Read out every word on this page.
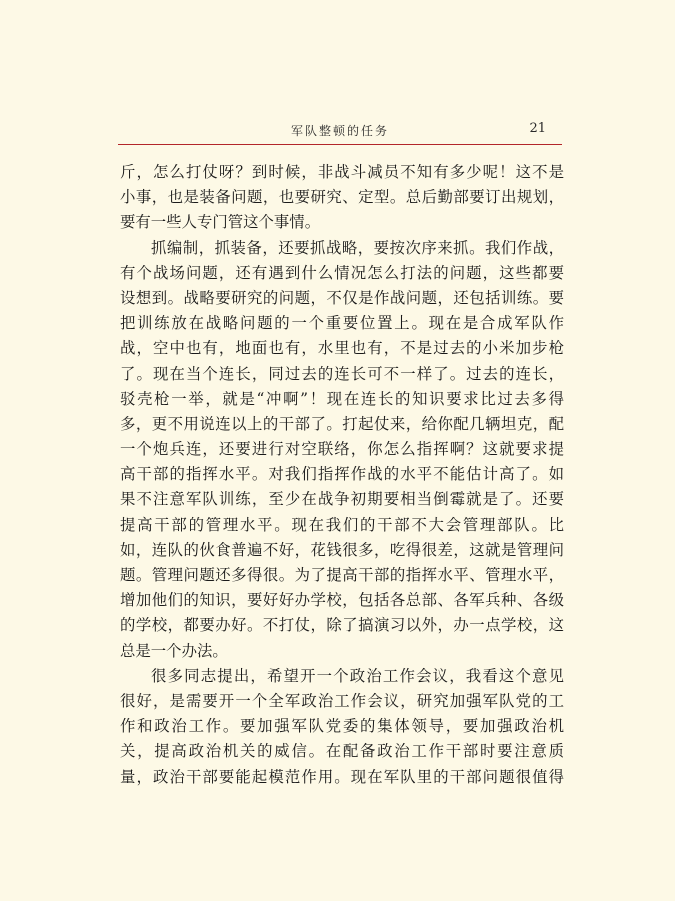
军队整顿的任务	21
斤，怎么打仗呀？到时候，非战斗减员不知有多少呢！这不是
小事，也是装备问题，也要研究、定型。总后勤部要订出规划，
要有一些人专门管这个事情。
抓编制，抓装备，还要抓战略，要按次序来抓。我们作战，
有个战场问题，还有遇到什么情况怎么打法的问题，这些都要
设想到。战略要研究的问题，不仅是作战问题，还包括训练。要
把训练放在战略问题的一个重要位置上。现在是合成军队作
战，空中也有，地面也有，水里也有，不是过去的小米加步枪
了。现在当个连长，同过去的连长可不一样了。过去的连长，
驳壳枪一举，就是“冲啊”！现在连长的知识要求比过去多得
多，更不用说连以上的干部了。打起仗来，给你配几辆坦克，配
一个炮兵连，还要进行对空联络，你怎么指挥啊？这就要求提
高干部的指挥水平。对我们指挥作战的水平不能估计高了。如
果不注意军队训练，至少在战争初期要相当倒霉就是了。还要
提高干部的管理水平。现在我们的干部不大会管理部队。比
如，连队的伙食普遍不好，花钱很多，吃得很差，这就是管理问
题。管理问题还多得很。为了提高干部的指挥水平、管理水平，
增加他们的知识，要好好办学校，包括各总部、各军兵种、各级
的学校，都要办好。不打仗，除了搞演习以外，办一点学校，这
总是一个办法。
很多同志提出，希望开一个政治工作会议，我看这个意见
很好，是需要开一个全军政治工作会议，研究加强军队党的工
作和政治工作。要加强军队党委的集体领导，要加强政治机
关，提高政治机关的威信。在配备政治工作干部时要注意质
量，政治干部要能起模范作用。现在军队里的干部问题很值得
